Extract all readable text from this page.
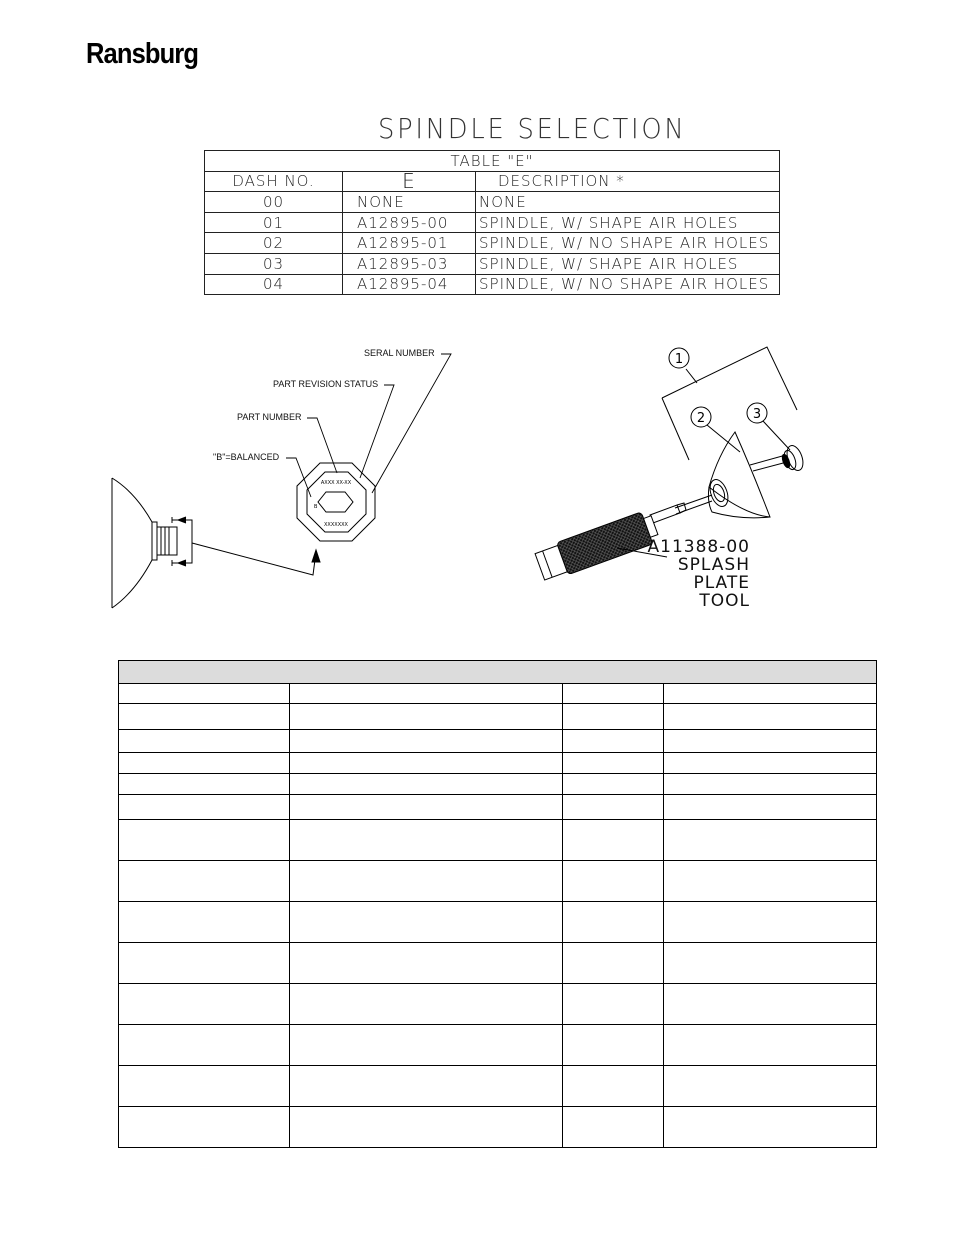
Ransburg
SPINDLE SELECTION
TABLE "E"		
DASH NO.	E	DESCRIPTION *
00	NONE	NONE
01	A12895-00	SPINDLE, W/ SHAPE AIR HOLES
02	A12895-01	SPINDLE, W/ NO SHAPE AIR HOLES
03	A12895-03	SPINDLE, W/ SHAPE AIR HOLES
04	A12895-04	SPINDLE, W/ NO SHAPE AIR HOLES
AXXX XX-XX
XXXXXXX
B
1
2	3
SERAL NUMBER
PART REVISION STATUS
PART NUMBER
"B"=BALANCED
A11388-00
SPLASH
PLATE
TOOL
